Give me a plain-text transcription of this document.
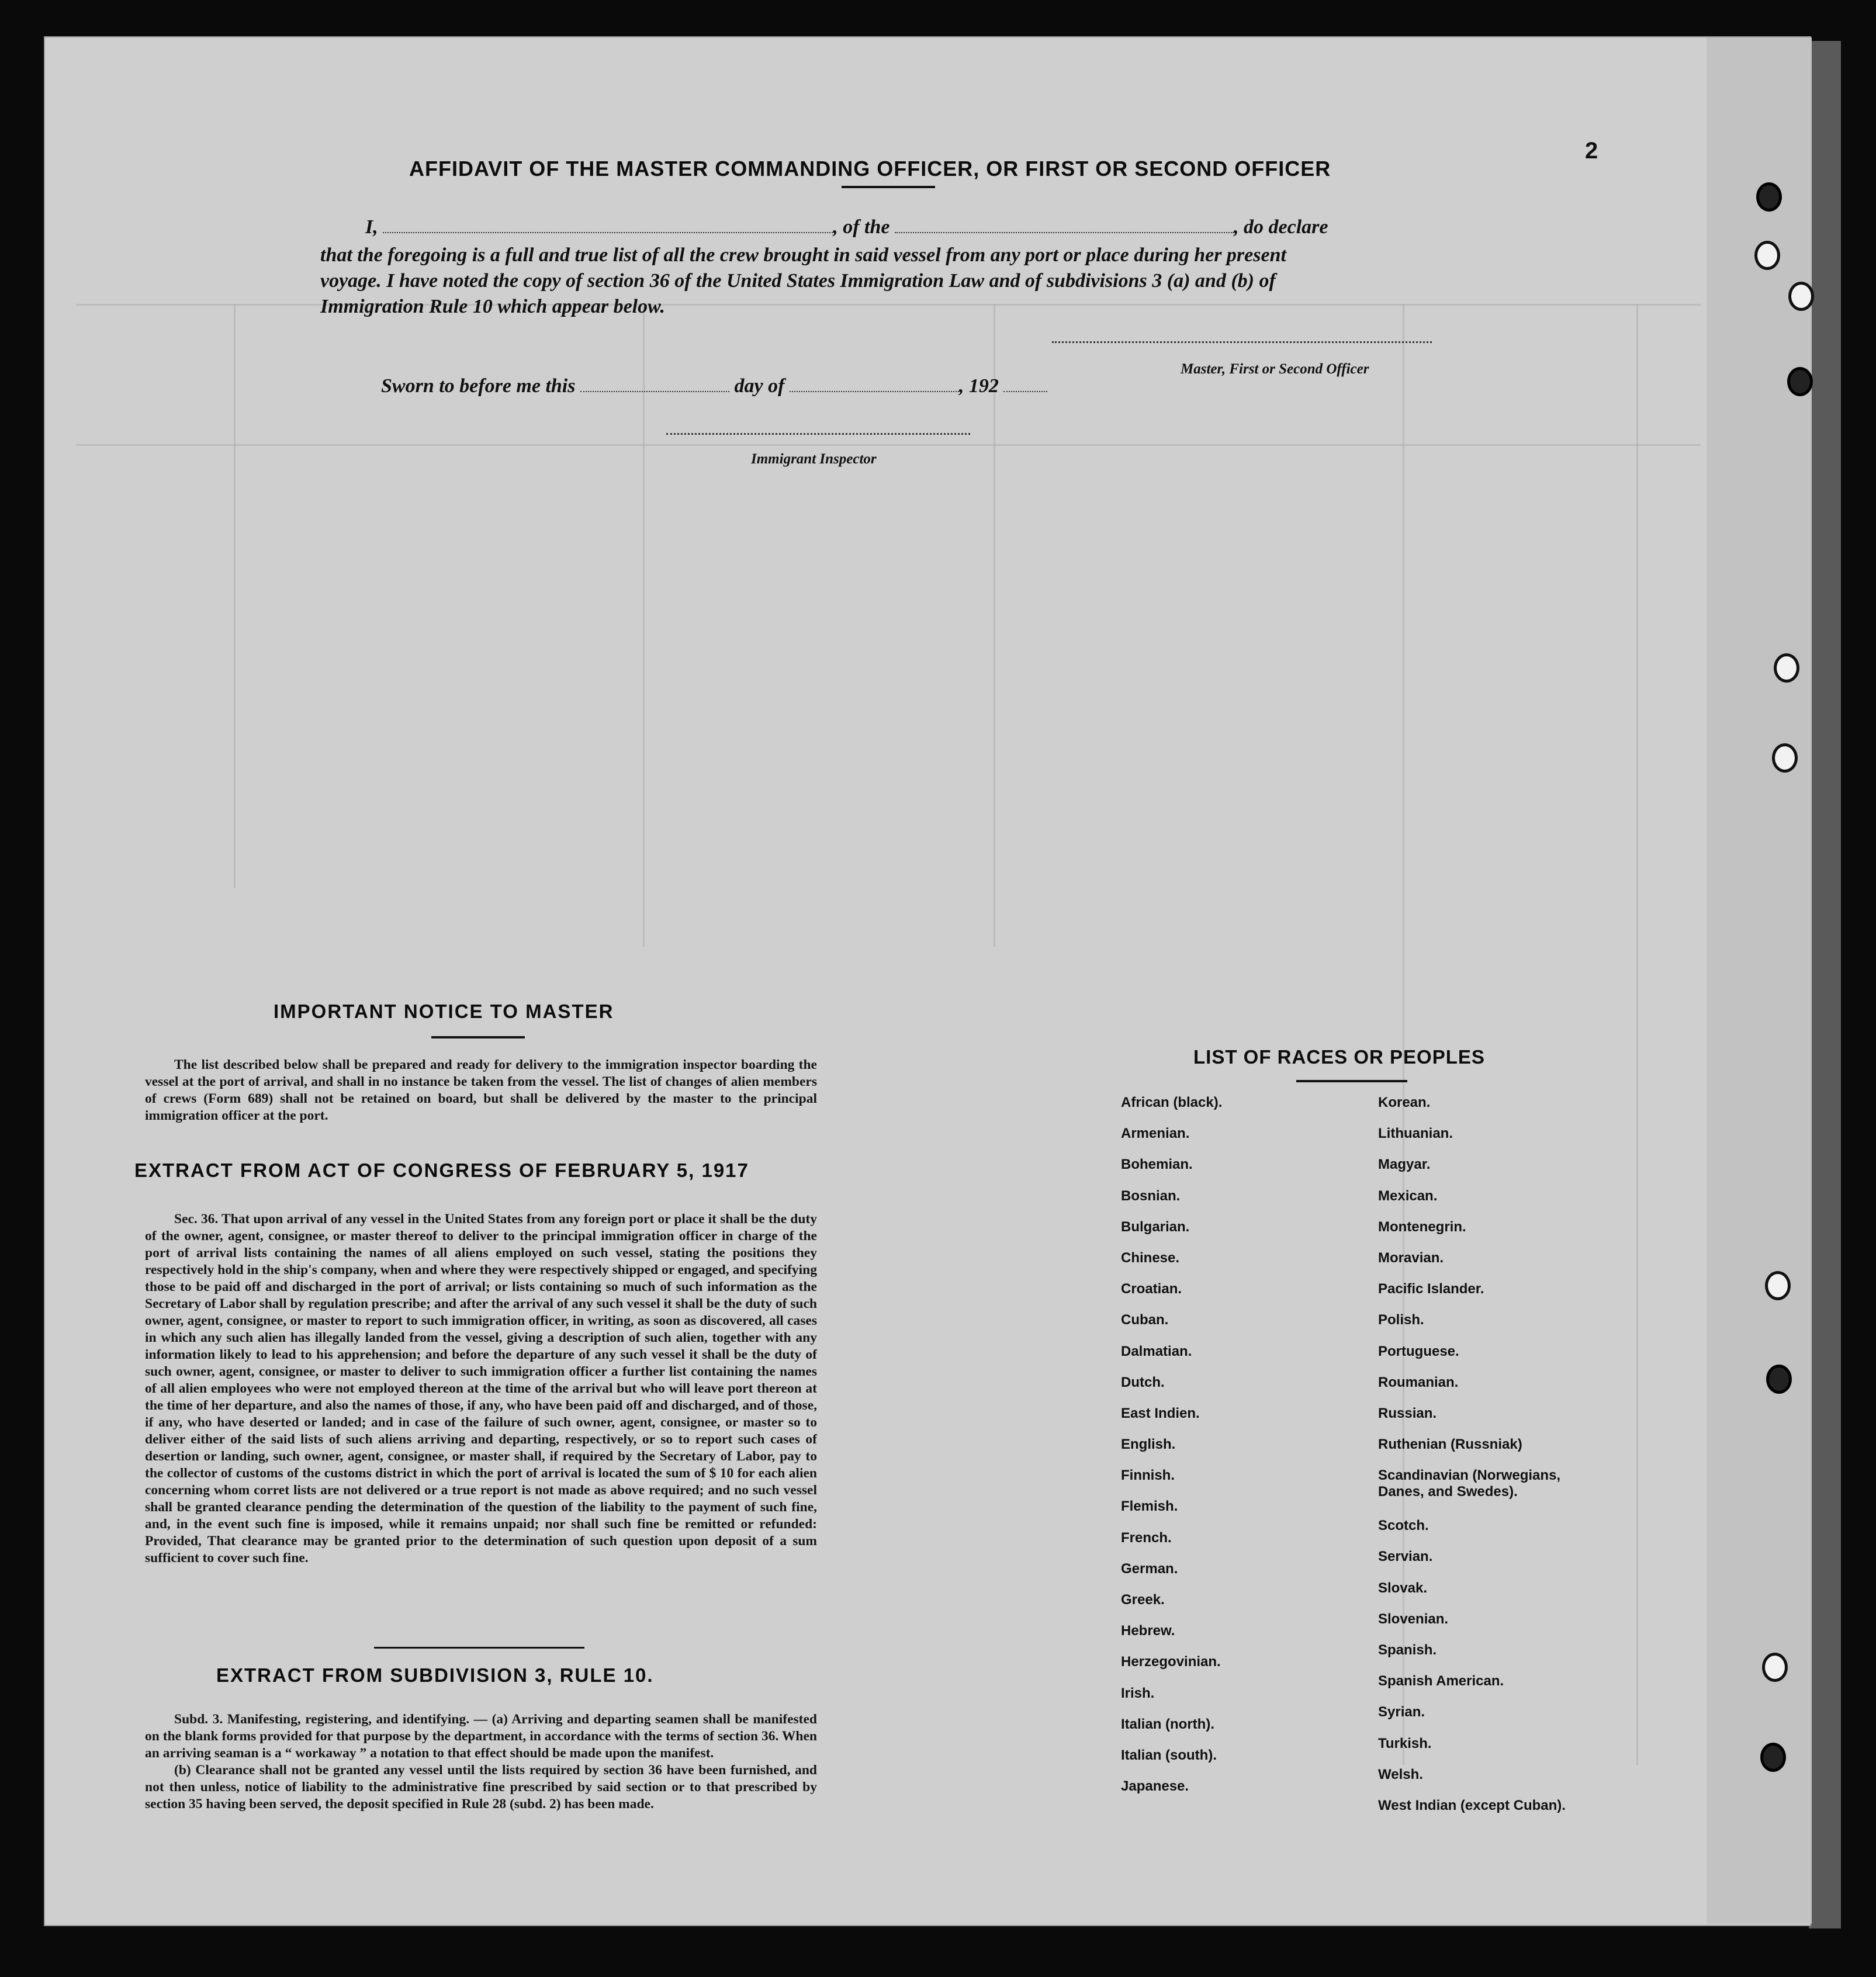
2
AFFIDAVIT OF THE MASTER COMMANDING OFFICER, OR FIRST OR SECOND OFFICER
I,	, of the	, do declare
that the foregoing is a full and true list of all the crew brought in said vessel from any port or place during her present
voyage. I have noted the copy of section 36 of the United States Immigration Law and of subdivisions 3 (a) and (b) of
Immigration Rule 10 which appear below.
Master, First or Second Officer
Sworn to before me this	day of	, 192
Immigrant Inspector
IMPORTANT NOTICE TO MASTER

The list described below shall be prepared and ready for delivery to the immigration inspector boarding the vessel at the port of arrival, and shall in no instance be taken from the vessel. The list of changes of alien members of crews (Form 689) shall not be retained on board, but shall be delivered by the master to the principal immigration officer at the port.

EXTRACT FROM ACT OF CONGRESS OF FEBRUARY 5, 1917

Sec. 36. That upon arrival of any vessel in the United States from any foreign port or place it shall be the duty of the owner, agent, consignee, or master thereof to deliver to the principal immigration officer in charge of the port of arrival lists containing the names of all aliens employed on such vessel, stating the positions they respectively hold in the ship's company, when and where they were respectively shipped or engaged, and specifying those to be paid off and discharged in the port of arrival; or lists containing so much of such information as the Secretary of Labor shall by regulation prescribe; and after the arrival of any such vessel it shall be the duty of such owner, agent, consignee, or master to report to such immigration officer, in writing, as soon as discovered, all cases in which any such alien has illegally landed from the vessel, giving a description of such alien, together with any information likely to lead to his apprehension; and before the departure of any such vessel it shall be the duty of such owner, agent, consignee, or master to deliver to such immigration officer a further list containing the names of all alien employees who were not employed thereon at the time of the arrival but who will leave port thereon at the time of her departure, and also the names of those, if any, who have been paid off and discharged, and of those, if any, who have deserted or landed; and in case of the failure of such owner, agent, consignee, or master so to deliver either of the said lists of such aliens arriving and departing, respectively, or so to report such cases of desertion or landing, such owner, agent, consignee, or master shall, if required by the Secretary of Labor, pay to the collector of customs of the customs district in which the port of arrival is located the sum of $ 10 for each alien concerning whom corret lists are not delivered or a true report is not made as above required; and no such vessel shall be granted clearance pending the determination of the question of the liability to the payment of such fine, and, in the event such fine is imposed, while it remains unpaid; nor shall such fine be remitted or refunded: Provided, That clearance may be granted prior to the determination of such question upon deposit of a sum sufficient to cover such fine.

EXTRACT FROM SUBDIVISION 3, RULE 10.

Subd. 3. Manifesting, registering, and identifying. — (a) Arriving and departing seamen shall be manifested on the blank forms provided for that purpose by the department, in accordance with the terms of section 36. When an arriving seaman is a “ workaway ” a notation to that effect should be made upon the manifest.

(b) Clearance shall not be granted any vessel until the lists required by section 36 have been furnished, and not then unless, notice of liability to the administrative fine prescribed by said section or to that prescribed by section 35 having been served, the deposit specified in Rule 28 (subd. 2) has been made.

LIST OF RACES OR PEOPLES
African (black).
Armenian.
Bohemian.
Bosnian.
Bulgarian.
Chinese.
Croatian.
Cuban.
Dalmatian.
Dutch.
East Indien.
English.
Finnish.
Flemish.
French.
German.
Greek.
Hebrew.
Herzegovinian.
Irish.
Italian (north).
Italian (south).
Japanese.
Korean.
Lithuanian.
Magyar.
Mexican.
Montenegrin.
Moravian.
Pacific Islander.
Polish.
Portuguese.
Roumanian.
Russian.
Ruthenian (Russniak)
Scandinavian (Norwegians, Danes, and Swedes).
Scotch.
Servian.
Slovak.
Slovenian.
Spanish.
Spanish American.
Syrian.
Turkish.
Welsh.
West Indian (except Cuban).
